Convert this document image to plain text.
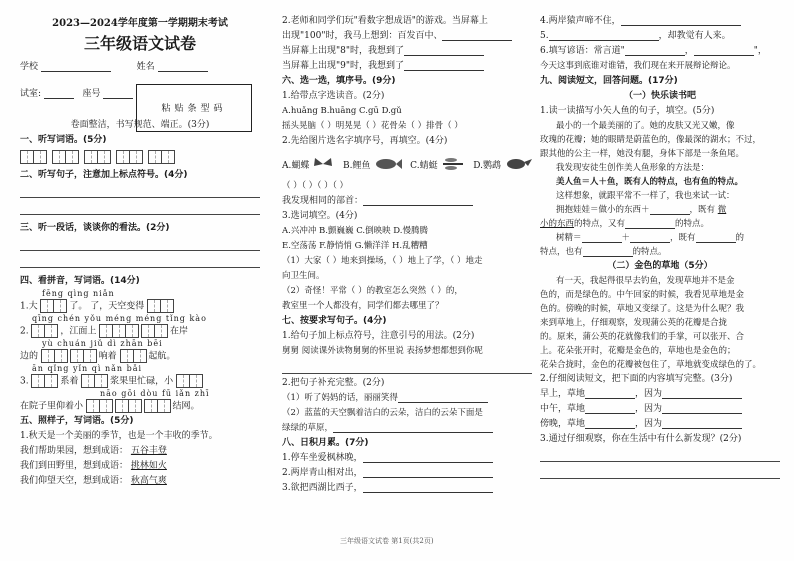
2023—2024学年度第一学期期末考试
三年级语文试卷
学校	姓名
试室:	座号
卷面整洁，书写规范、端正。(3分)
一、听写词语。(5分)
二、听写句子，注意加上标点符号。(4分)
三、听一段话，谈谈你的看法。(2分)
四、看拼音，写词语。(14分)
fēng qìng niǎn
1.大	了。 了，天空变得
qīng chén yǒu méng méng tǐng kào
2.	，江面上
	在岸
yù chuán jiǔ dì zhān bēi
边的
	响着	起航。
ān qǐng yǐn qì nǎn bǎi
3.	系着	浆果里忙碌，小
nāo gōi dòu fū iǎn zhī
在院子里仰着小

	结网。
五、照样子，写词语。(5分)
1.秋天是一个美丽的季节，也是一个丰收的季节。
我们帮助果园，想到成语： 五谷丰登
我们到田野里，想到成语： 挑林如火
我们仰望天空，想到成语： 秋高气爽
粘贴条型码
2.老师和同学们玩"看数字想成语"的游戏。当屏幕上
出现"100"时，我马上想到：百发百中、
当屏幕上出现"8"时，我想到了
当屏幕上出现"9"时，我想到了
六、选一选，填序号。(9分)
1.给带点字选读音。(2分)
A.huǎng B.huāng C.gū D.gǔ
摇头晃脑（ ）明晃晃（ ）花骨朵（ ）排骨（ ）
2.先给图片选名字填序号，再填空。(4分)
A.蝴蝶	B.鲤鱼	C.蜻蜓	D.鹦鹉
（ ）（ ）（ ）（ ）
我发现相同的部首：
3.选词填空。(4分)
A.兴冲冲 B.颤巍巍 C.倒映映 D.慢腾腾
E.空荡荡 F.静悄悄 G.懒洋洋 H.乱糟糟
（1）大家（ ）地来到操场，（ ）地上了学，（ ）地走
向卫生间。
（2）奇怪！平常（ ）的教室怎么突然（ ）的，
教室里一个人都没有，同学们都去哪里了？
七、按要求写句子。(4分)
1.给句子加上标点符号，注意引号的用法。(2分)
舅舅 阅读课外读物舅舅的怀里说 表扬梦想都想到你呢
2.把句子补充完整。(2分)
（1）听了妈妈的话，丽丽笑得
（2）蓝蓝的天空飘着洁白的云朵，洁白的云朵下面是
绿绿的草原，
八、日积月累。(7分)
1.停车坐爱枫林晚，
2.两岸青山相对出，
3.欲把西湖比西子，
4.两岸猿声啼不住，
5.	，却教觉有人来。
6.填写谚语：常言道"	，	"，
今天这事到底谁对谁错，我们现在来开展辩论辩论。
九、阅读短文，回答问题。(17分)
（一）快乐读书吧
1.读一读描写小矢人鱼的句子，填空。(5分)
最小的一个最美丽的了。她的皮肤又光又嫩，像
玫瑰的花瓣；她的眼睛是蔚蓝色的，像最深的湖水；不过，
跟其他的公主一样，她没有腿，身体下部是一条鱼尾。
我发现安徒生创作美人鱼形象的方法是：
美人鱼＝人＋鱼，既有人的特点，也有鱼的特点。
这样想象，就跟平常不一样了，我也来试一试：
拥抱娃娃＝做小的东西＋	，既有 微
小的东西的特点，又有	的特点。
树精＝	＋	，既有	的
特点，也有	的特点。
（二）金色的草地（5分）
有一天，我起得很早去钓鱼，发现草地并不是金
色的，而是绿色的。中午回家的时候，我看见草地是金
色的。傍晚的时候，草地又变绿了。这是为什么呢？我
来到草地上，仔细观察，发现蒲公英的花瓣是合拢
的。原来，蒲公英的花就像我们的手掌，可以张开、合
上。花朵张开时，花瓣是金色的，草地也是金色的；
花朵合拢时，金色的花瓣被包住了，草地就变成绿色的了。
2.仔细阅读短文，把下面的内容填写完整。(3分)
早上，草地	，因为
中午，草地	，因为
傍晚，草地	，因为
3.通过仔细观察，你在生活中有什么新发现？(2分)
三年级语文试卷 第1页(共2页)
